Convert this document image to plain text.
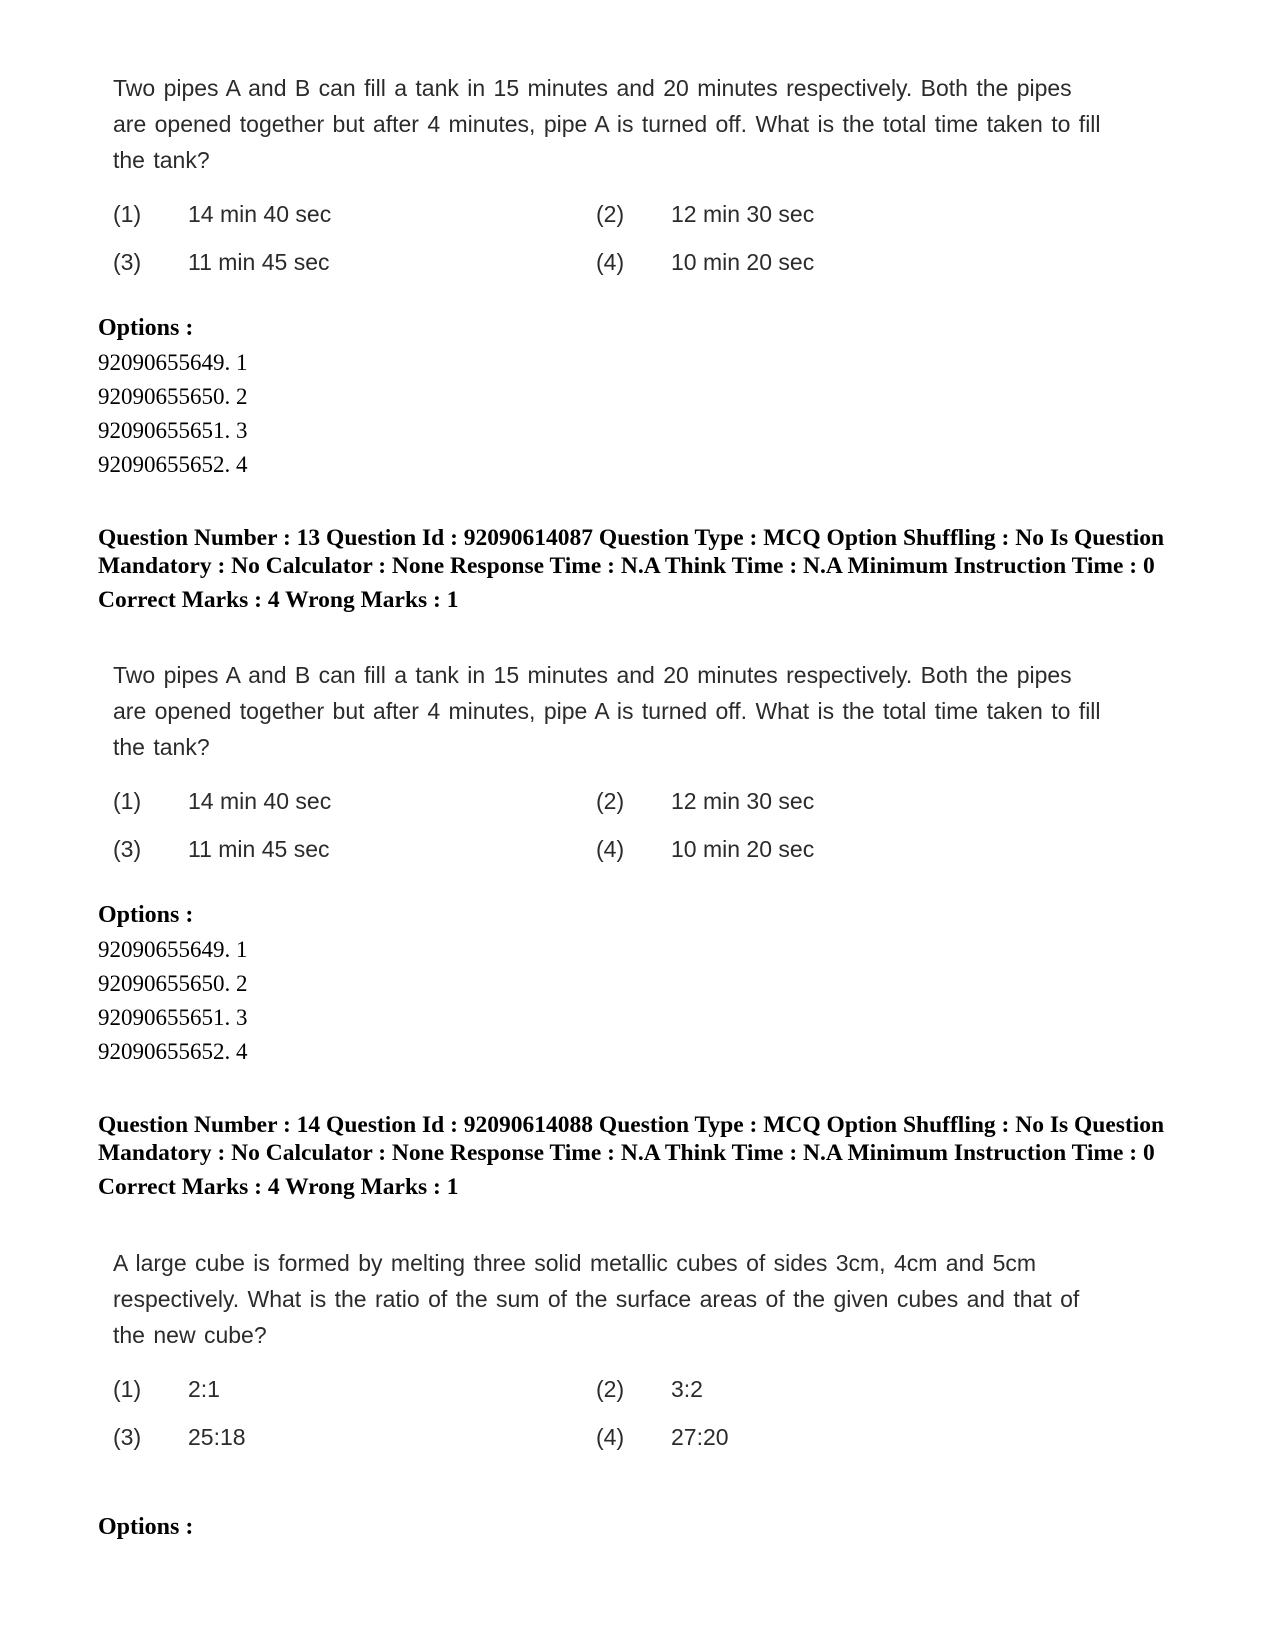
Two pipes A and B can fill a tank in 15 minutes and 20 minutes respectively. Both the pipes are opened together but after 4 minutes, pipe A is turned off. What is the total time taken to fill the tank?

(1)	14 min 40 sec	(2)	12 min 30 sec
(3)	11 min 45 sec	(4)	10 min 20 sec

Options :

92090655649. 1
92090655650. 2
92090655651. 3
92090655652. 4

Question Number : 13 Question Id : 92090614087 Question Type : MCQ Option Shuffling : No Is Question Mandatory : No Calculator : None Response Time : N.A Think Time : N.A Minimum Instruction Time : 0

Correct Marks : 4 Wrong Marks : 1

Two pipes A and B can fill a tank in 15 minutes and 20 minutes respectively. Both the pipes are opened together but after 4 minutes, pipe A is turned off. What is the total time taken to fill the tank?

(1)	14 min 40 sec	(2)	12 min 30 sec
(3)	11 min 45 sec	(4)	10 min 20 sec

Options :

92090655649. 1
92090655650. 2
92090655651. 3
92090655652. 4

Question Number : 14 Question Id : 92090614088 Question Type : MCQ Option Shuffling : No Is Question Mandatory : No Calculator : None Response Time : N.A Think Time : N.A Minimum Instruction Time : 0

Correct Marks : 4 Wrong Marks : 1

A large cube is formed by melting three solid metallic cubes of sides 3cm, 4cm and 5cm respectively. What is the ratio of the sum of the surface areas of the given cubes and that of the new cube?

(1)	2:1	(2)	3:2
(3)	25:18	(4)	27:20

Options :
